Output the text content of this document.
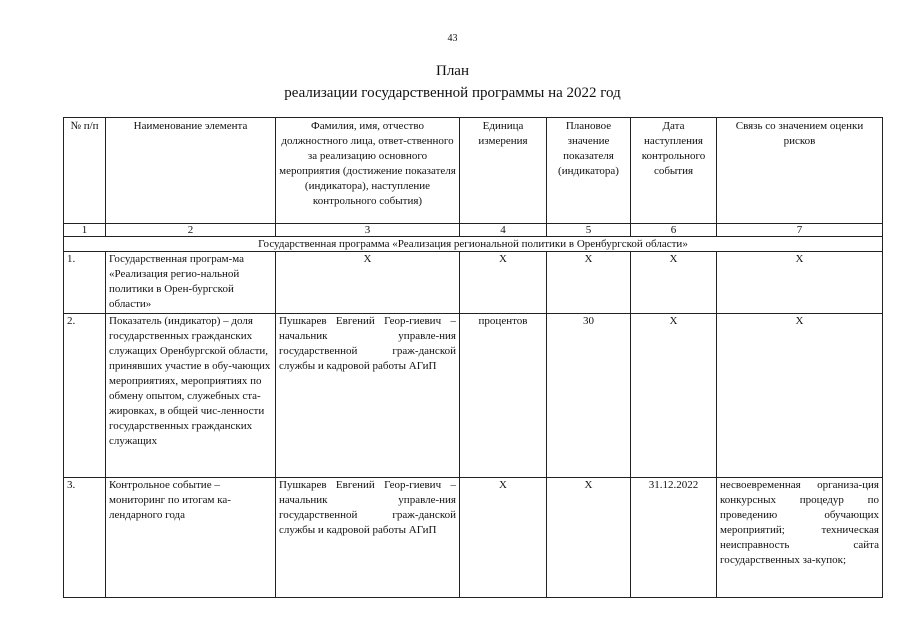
43
План
реализации государственной программы на 2022 год
№ п/п	Наименование элемента	Фамилия, имя, отчество должностного лица, ответ-ственного за реализацию основного мероприятия (достижение показателя (индикатора), наступление контрольного события)	Единица измерения	Плановое значение показателя (индикатора)	Дата наступления контрольного события	Связь со значением оценки рисков
1	2	3	4	5	6	7
Государственная программа «Реализация региональной политики в Оренбургской области»						
1.	Государственная програм-ма «Реализация регио-нальной политики в Орен-бургской области»	Х	Х	Х	Х	Х
2.	Показатель (индикатор) – доля государственных гражданских служащих Оренбургской области, принявших участие в обу-чающих мероприятиях, мероприятиях по обмену опытом, служебных ста-жировках, в общей чис-ленности государственных гражданских служащих	Пушкарев Евгений Геор-гиевич – начальник управле-ния государственной граж-данской службы и кадровой работы АГиП	процентов	30	Х	Х
3.	Контрольное событие – мониторинг по итогам ка-лендарного года	Пушкарев Евгений Геор-гиевич – начальник управле-ния государственной граж-данской службы и кадровой работы АГиП	Х	Х	31.12.2022	несвоевременная организа-ция конкурсных процедур по проведению обучающих мероприятий; техническая неисправность сайта государственных за-купок;
